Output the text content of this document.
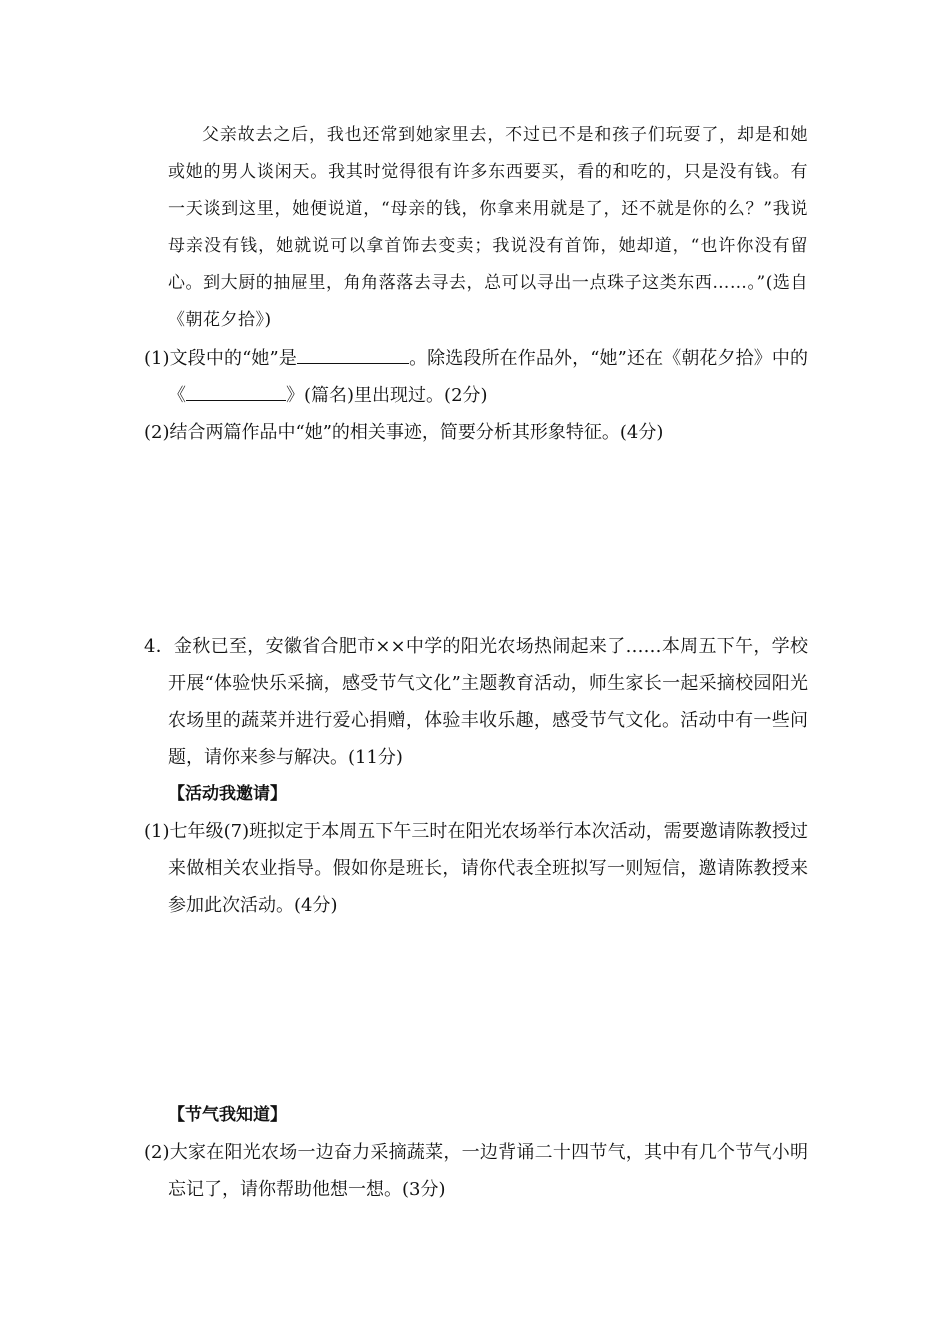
父亲故去之后，我也还常到她家里去，不过已不是和孩子们玩耍了，却是和她或她的男人谈闲天。我其时觉得很有许多东西要买，看的和吃的，只是没有钱。有一天谈到这里，她便说道，“母亲的钱，你拿来用就是了，还不就是你的么？”我说母亲没有钱，她就说可以拿首饰去变卖；我说没有首饰，她却道，“也许你没有留心。到大厨的抽屉里，角角落落去寻去，总可以寻出一点珠子这类东西……。”(选自《朝花夕拾》)
(1)文段中的“她”是	。除选段所在作品外，“她”还在《朝花夕拾》中的《	》(篇名)里出现过。(2分)
(2)结合两篇作品中“她”的相关事迹，简要分析其形象特征。(4分)
4．金秋已至，安徽省合肥市××中学的阳光农场热闹起来了……本周五下午，学校开展“体验快乐采摘，感受节气文化”主题教育活动，师生家长一起采摘校园阳光农场里的蔬菜并进行爱心捐赠，体验丰收乐趣，感受节气文化。活动中有一些问题，请你来参与解决。(11分)
【活动我邀请】
(1)七年级(7)班拟定于本周五下午三时在阳光农场举行本次活动，需要邀请陈教授过来做相关农业指导。假如你是班长，请你代表全班拟写一则短信，邀请陈教授来参加此次活动。(4分)
【节气我知道】
(2)大家在阳光农场一边奋力采摘蔬菜，一边背诵二十四节气，其中有几个节气小明忘记了，请你帮助他想一想。(3分)
